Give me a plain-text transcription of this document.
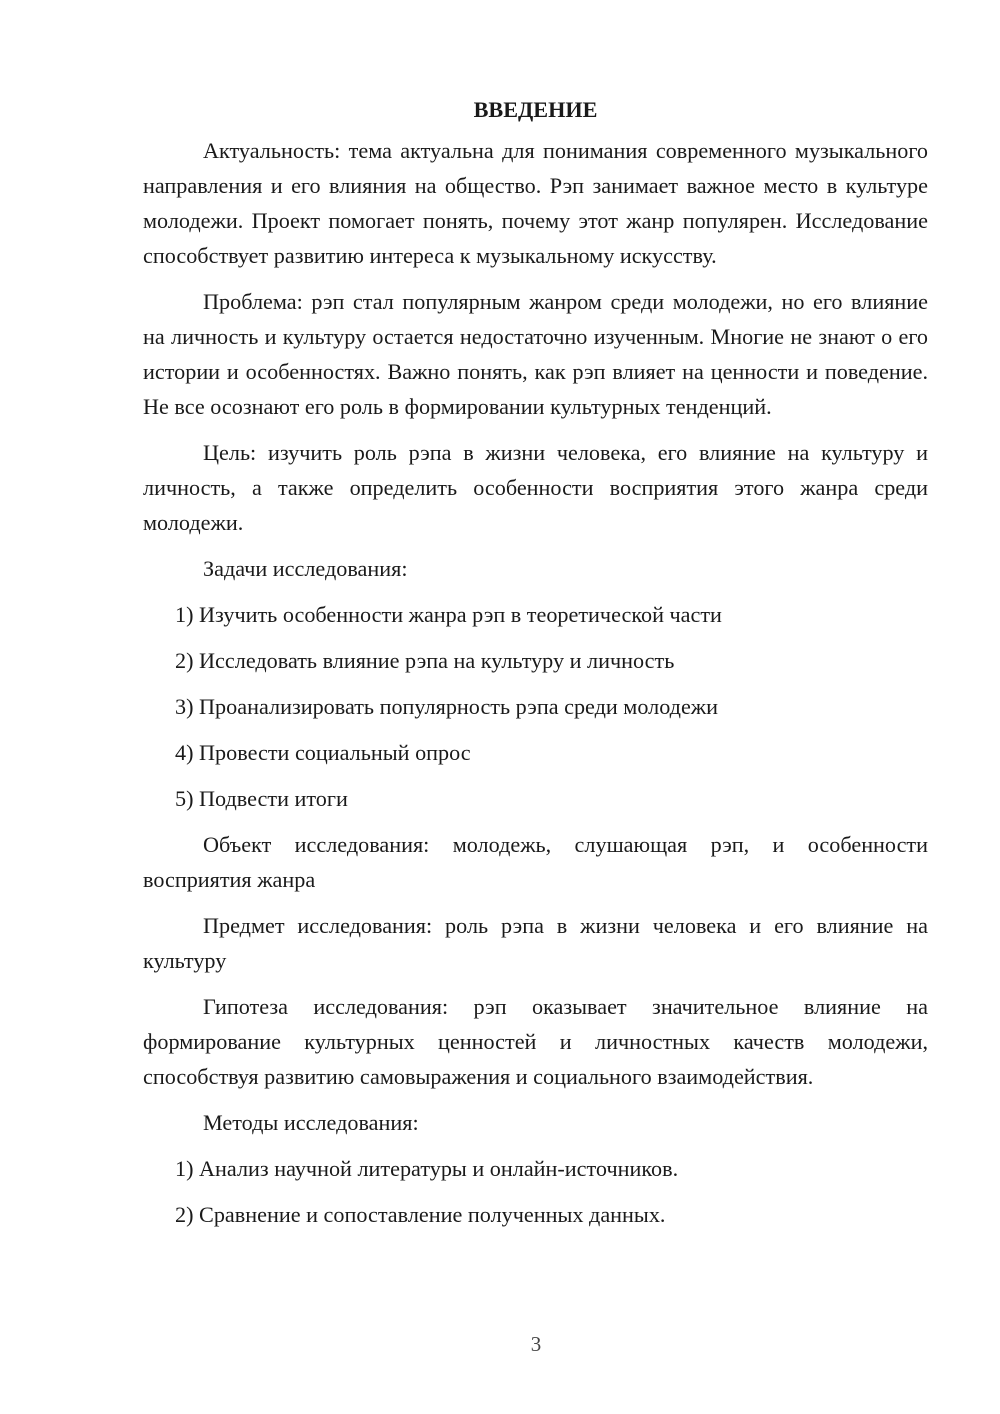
ВВЕДЕНИЕ

Актуальность: тема актуальна для понимания современного музыкального направления и его влияния на общество. Рэп занимает важное место в культуре молодежи. Проект помогает понять, почему этот жанр популярен. Исследование способствует развитию интереса к музыкальному искусству.

Проблема: рэп стал популярным жанром среди молодежи, но его влияние на личность и культуру остается недостаточно изученным. Многие не знают о его истории и особенностях. Важно понять, как рэп влияет на ценности и поведение. Не все осознают его роль в формировании культурных тенденций.

Цель: изучить роль рэпа в жизни человека, его влияние на культуру и личность, а также определить особенности восприятия этого жанра среди молодежи.

Задачи исследования:

1) Изучить особенности жанра рэп в теоретической части
2) Исследовать влияние рэпа на культуру и личность
3) Проанализировать популярность рэпа среди молодежи
4) Провести социальный опрос
5) Подвести итоги

Объект исследования: молодежь, слушающая рэп, и особенности восприятия жанра

Предмет исследования: роль рэпа в жизни человека и его влияние на культуру

Гипотеза исследования: рэп оказывает значительное влияние на формирование культурных ценностей и личностных качеств молодежи, способствуя развитию самовыражения и социального взаимодействия.

Методы исследования:

1) Анализ научной литературы и онлайн-источников.
2) Сравнение и сопоставление полученных данных.
3
